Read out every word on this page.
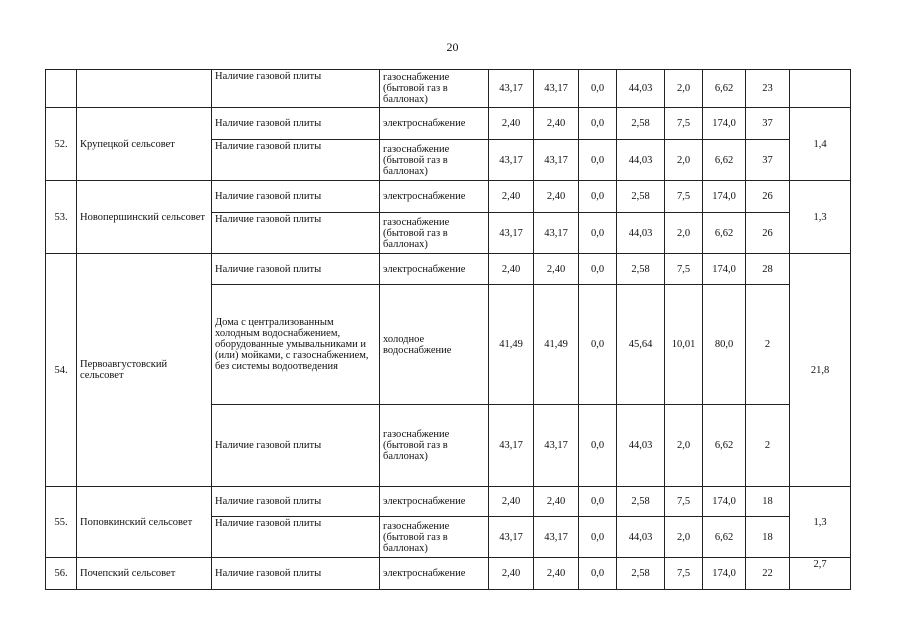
20
		Наличие газовой плиты	газоснабжение (бытовой газ в баллонах)	43,17	43,17	0,0	44,03	2,0	6,62	23	
52.	Крупецкой сельсовет	Наличие газовой плиты	электроснабжение	2,40	2,40	0,0	2,58	7,5	174,0	37	1,4
		Наличие газовой плиты	газоснабжение (бытовой газ в баллонах)	43,17	43,17	0,0	44,03	2,0	6,62	37	
53.	Новопершинский сельсовет	Наличие газовой плиты	электроснабжение	2,40	2,40	0,0	2,58	7,5	174,0	26	1,3
		Наличие газовой плиты	газоснабжение (бытовой газ в баллонах)	43,17	43,17	0,0	44,03	2,0	6,62	26	
54.	Первоавгустовский сельсовет	Наличие газовой плиты	электроснабжение	2,40	2,40	0,0	2,58	7,5	174,0	28	21,8
		Дома с централизованным холодным водоснабжением, оборудованные умывальниками и (или) мойками, с газоснабжением, без системы водоотведения	холодное водоснабжение	41,49	41,49	0,0	45,64	10,01	80,0	2	
		Наличие газовой плиты	газоснабжение (бытовой газ в баллонах)	43,17	43,17	0,0	44,03	2,0	6,62	2	
55.	Поповкинский сельсовет	Наличие газовой плиты	электроснабжение	2,40	2,40	0,0	2,58	7,5	174,0	18	1,3
		Наличие газовой плиты	газоснабжение (бытовой газ в баллонах)	43,17	43,17	0,0	44,03	2,0	6,62	18	
56.	Почепский сельсовет	Наличие газовой плиты	электроснабжение	2,40	2,40	0,0	2,58	7,5	174,0	22	2,7
